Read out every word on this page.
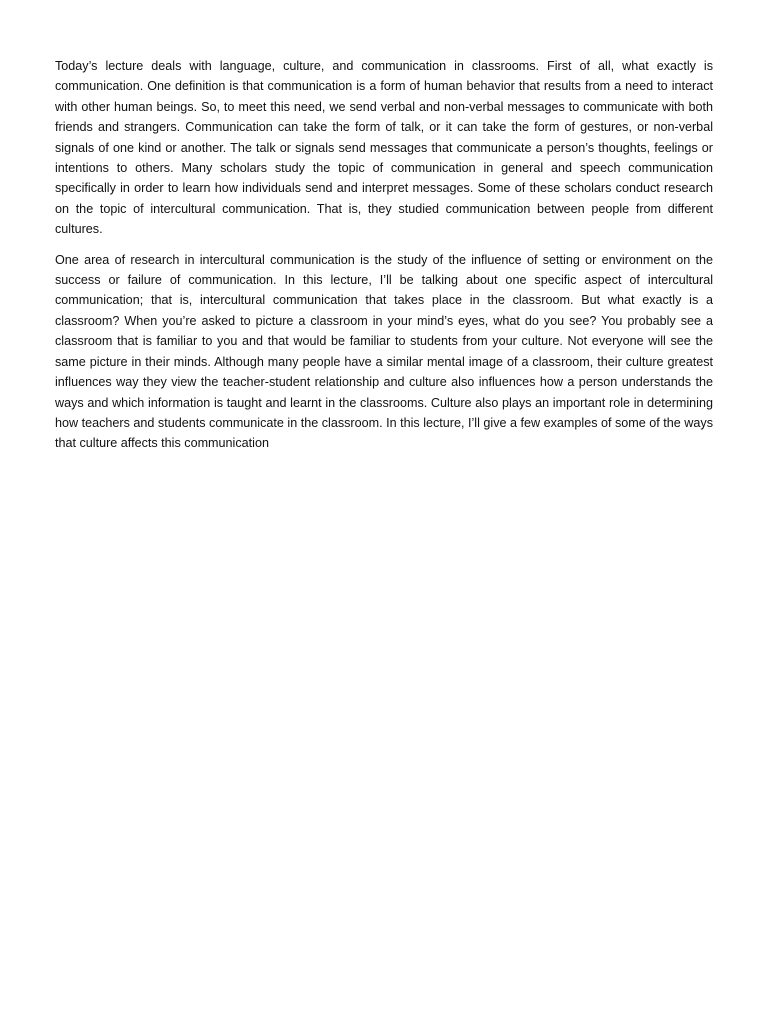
Today’s lecture deals with language, culture, and communication in classrooms. First of all, what exactly is communication. One definition is that communication is a form of human behavior that results from a need to interact with other human beings. So, to meet this need, we send verbal and non-verbal messages to communicate with both friends and strangers. Communication can take the form of talk, or it can take the form of gestures, or non-verbal signals of one kind or another. The talk or signals send messages that communicate a person’s thoughts, feelings or intentions to others. Many scholars study the topic of communication in general and speech communication specifically in order to learn how individuals send and interpret messages. Some of these scholars conduct research on the topic of intercultural communication. That is, they studied communication between people from different cultures.

One area of research in intercultural communication is the study of the influence of setting or environment on the success or failure of communication. In this lecture, I’ll be talking about one specific aspect of intercultural communication; that is, intercultural communication that takes place in the classroom. But what exactly is a classroom? When you’re asked to picture a classroom in your mind’s eyes, what do you see? You probably see a classroom that is familiar to you and that would be familiar to students from your culture. Not everyone will see the same picture in their minds. Although many people have a similar mental image of a classroom, their culture greatest influences way they view the teacher-student relationship and culture also influences how a person understands the ways and which information is taught and learnt in the classrooms. Culture also plays an important role in determining how teachers and students communicate in the classroom. In this lecture, I’ll give a few examples of some of the ways that culture affects this communication
